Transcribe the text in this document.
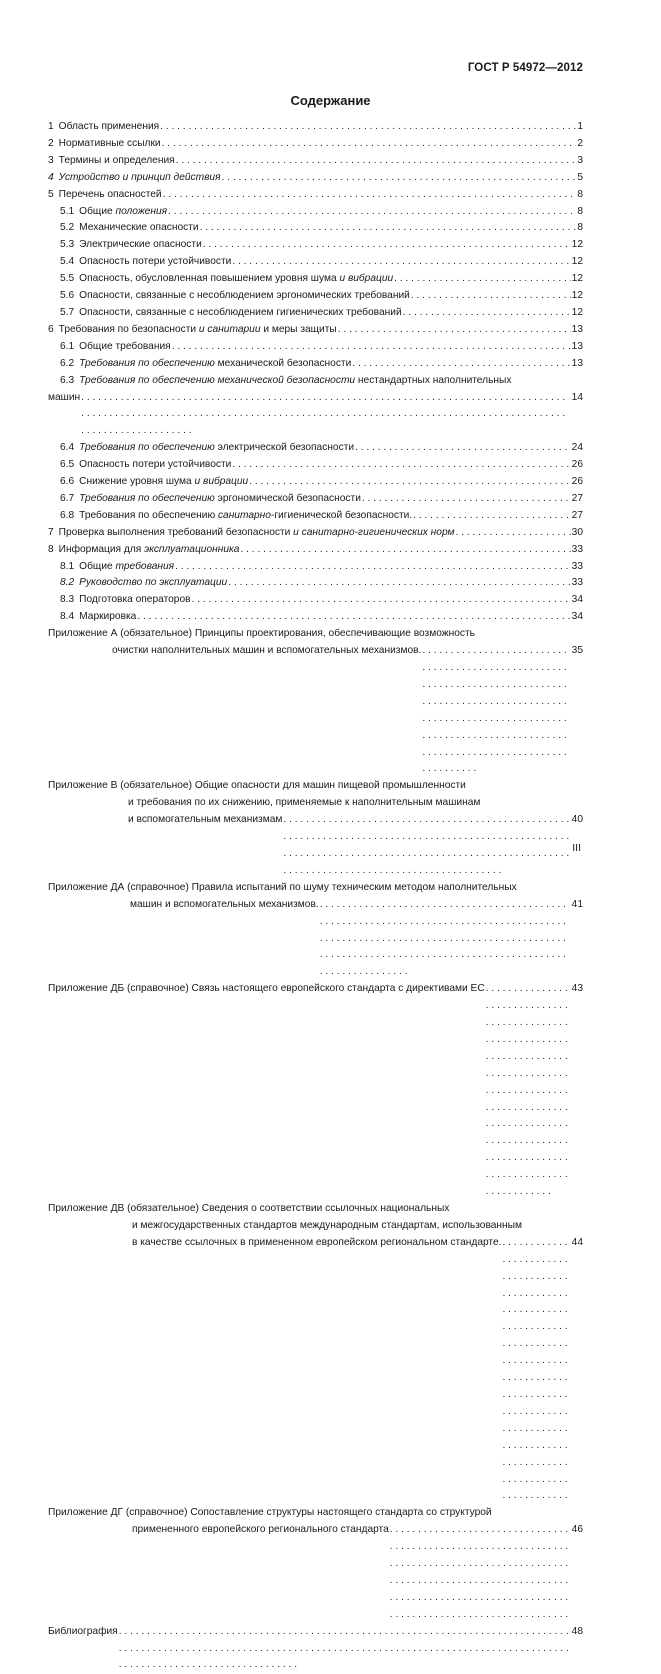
ГОСТ Р 54972—2012
Содержание
1 Область применения . . .	1
2 Нормативные ссылки . . .	2
3 Термины и определения . . .	3
4 Устройство и принцип действия . . .	5
5 Перечень опасностей . . .	8
5.1 Общие положения . . .	8
5.2 Механические опасности . . .	8
5.3 Электрические опасности . . .	12
5.4 Опасность потери устойчивости . . .	12
5.5 Опасность, обусловленная повышением уровня шума и вибрации . . .	12
5.6 Опасности, связанные с несоблюдением эргономических требований . . .	12
5.7 Опасности, связанные с несоблюдением гигиенических требований . . .	12
6 Требования по безопасности и санитарии и меры защиты . . .	13
6.1 Общие требования . . .	13
6.2 Требования по обеспечению механической безопасности . . .	13
6.3 Требования по обеспечению механической безопасности нестандартных наполнительных
машин . . .	14
6.4 Требования по обеспечению электрической безопасности . . .	24
6.5 Опасность потери устойчивости . . .	26
6.6 Снижение уровня шума и вибрации . . .	26
6.7 Требования по обеспечению эргономической безопасности . . .	27
6.8 Требования по обеспечению санитарно-гигиенической безопасности. . . .	27
7 Проверка выполнения требований безопасности и санитарно-гигиенических норм . . .	30
8 Информация для эксплуатационника . . .	33
8.1 Общие требования . . .	33
8.2 Руководство по эксплуатации . . .	33
8.3 Подготовка операторов . . .	34
8.4 Маркировка . . .	34
Приложение А (обязательное) Принципы проектирования, обеспечивающие возможность
очистки наполнительных машин и вспомогательных механизмов. . . .	35
Приложение В (обязательное) Общие опасности для машин пищевой промышленности
и требования по их снижению, применяемые к наполнительным машинам
и вспомогательным механизмам . . .	40
Приложение ДА (справочное) Правила испытаний по шуму техническим методом наполнительных
машин и вспомогательных механизмов. . . .	41
Приложение ДБ (справочное) Связь настоящего европейского стандарта с директивами ЕС . . .	43
Приложение ДВ (обязательное) Сведения о соответствии ссылочных национальных
и межгосударственных стандартов международным стандартам, использованным
в качестве ссылочных в примененном европейском региональном стандарте. . . .	44
Приложение ДГ (справочное) Сопоставление структуры настоящего стандарта со структурой
примененного европейского регионального стандарта . . .	46
Библиография . . .	48
III
